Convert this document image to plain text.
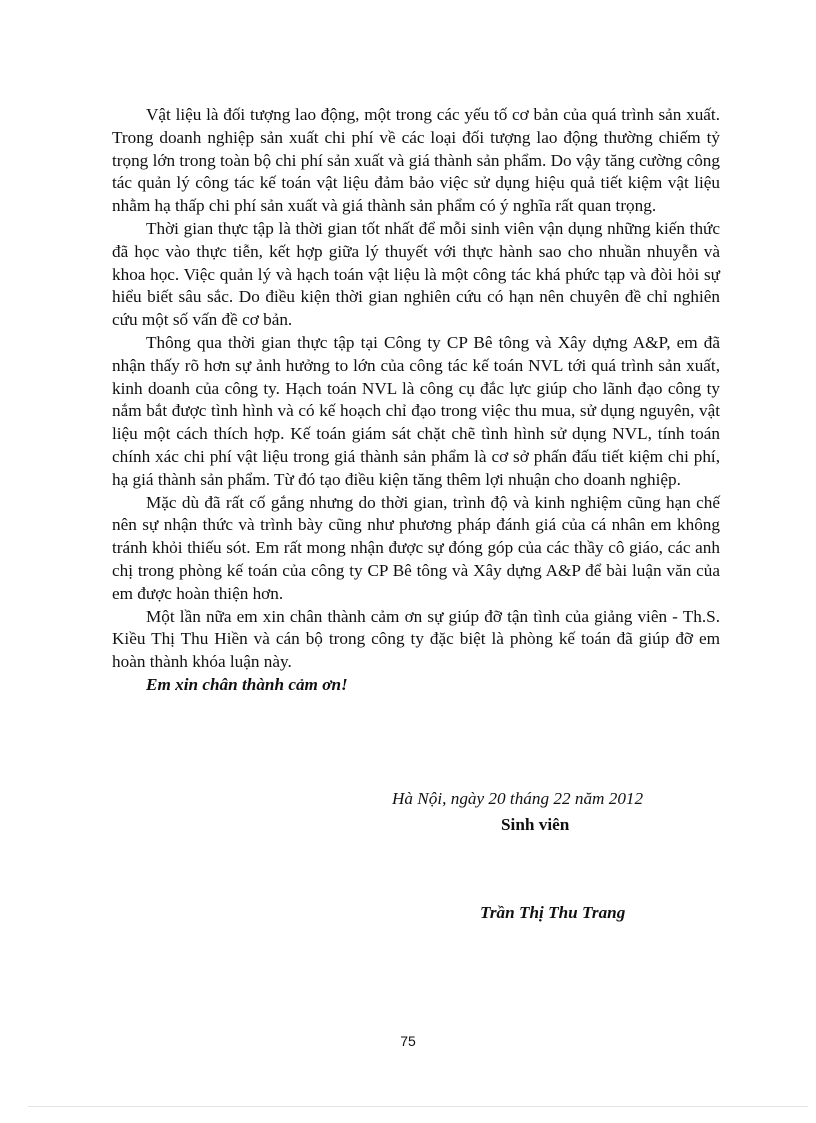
Vật liệu là đối tượng lao động, một trong các yếu tố cơ bản của quá trình sản xuất. Trong doanh nghiệp sản xuất chi phí về các loại đối tượng lao động thường chiếm tỷ trọng lớn trong toàn bộ chi phí sản xuất và giá thành sản phẩm. Do vậy tăng cường công tác quản lý công tác kế toán vật liệu đảm bảo việc sử dụng hiệu quả tiết kiệm vật liệu nhằm hạ thấp chi phí sản xuất và giá thành sản phẩm có ý nghĩa rất quan trọng.

Thời gian thực tập là thời gian tốt nhất để mỗi sinh viên vận dụng những kiến thức đã học vào thực tiễn, kết hợp giữa lý thuyết với thực hành sao cho nhuần nhuyễn và khoa học. Việc quản lý và hạch toán vật liệu là một công tác khá phức tạp và đòi hỏi sự hiểu biết sâu sắc. Do điều kiện thời gian nghiên cứu có hạn nên chuyên đề chỉ nghiên cứu một số vấn đề cơ bản.

Thông qua thời gian thực tập tại Công ty CP Bê tông và Xây dựng A&P, em đã nhận thấy rõ hơn sự ảnh hưởng to lớn của công tác kế toán NVL tới quá trình sản xuất, kinh doanh của công ty. Hạch toán NVL là công cụ đắc lực giúp cho lãnh đạo công ty nắm bắt được tình hình và có kế hoạch chỉ đạo trong việc thu mua, sử dụng nguyên, vật liệu một cách thích hợp. Kế toán giám sát chặt chẽ tình hình sử dụng NVL, tính toán chính xác chi phí vật liệu trong giá thành sản phẩm là cơ sở phấn đấu tiết kiệm chi phí, hạ giá thành sản phẩm. Từ đó tạo điều kiện tăng thêm lợi nhuận cho doanh nghiệp.

Mặc dù đã rất cố gắng nhưng do thời gian, trình độ và kinh nghiệm cũng hạn chế nên sự nhận thức và trình bày cũng như phương pháp đánh giá của cá nhân em không tránh khỏi thiếu sót. Em rất mong nhận được sự đóng góp của các thầy cô giáo, các anh chị trong phòng kế toán của công ty CP Bê tông và Xây dựng A&P để bài luận văn của em được hoàn thiện hơn.

Một lần nữa em xin chân thành cảm ơn sự giúp đỡ tận tình của giảng viên - Th.S. Kiều Thị Thu Hiền và cán bộ trong công ty đặc biệt là phòng kế toán đã giúp đỡ em hoàn thành khóa luận này.

Em xin chân thành cảm ơn!

Hà Nội, ngày 20 tháng 22 năm 2012
Sinh viên
Trần Thị Thu Trang
75
